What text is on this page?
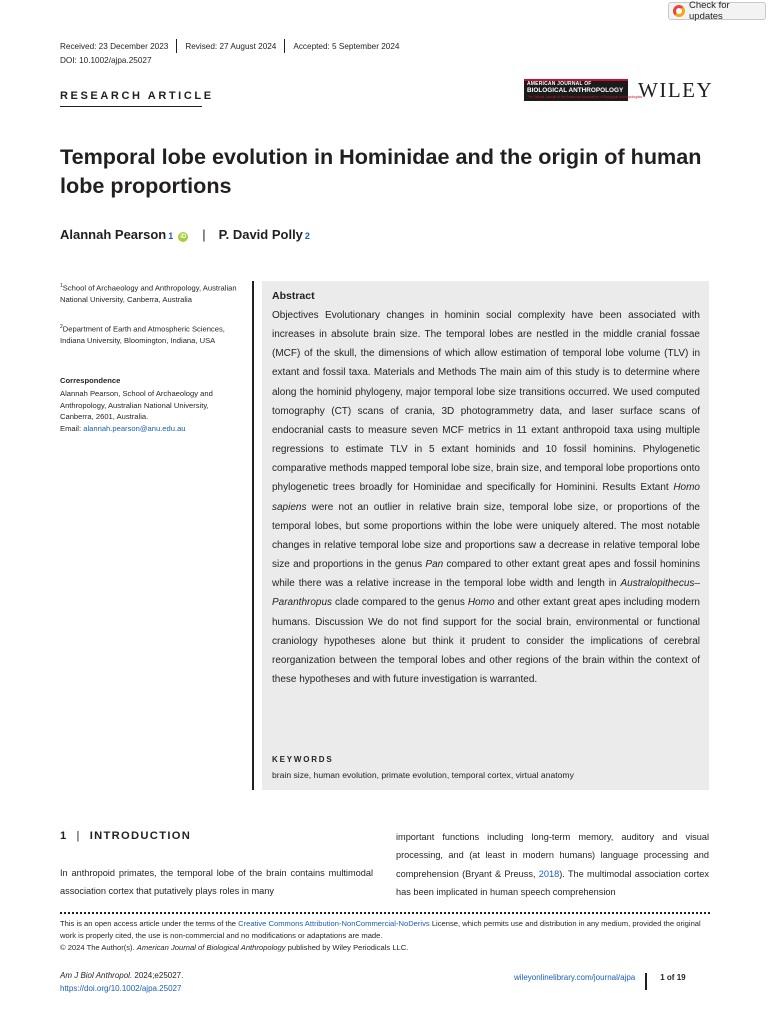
Check for updates
Received: 23 December 2023 Revised: 27 August 2024 Accepted: 5 September 2024
DOI: 10.1002/ajpa.25027
AMERICAN JOURNAL OF
BIOLOGICAL ANTHROPOLOGY
The Official Journal of the American Association of Biological Anthropologists
WILEY
RESEARCH ARTICLE
Temporal lobe evolution in Hominidae and the origin of human lobe proportions
Alannah Pearson 1	iD | P. David Polly 2
$^1$School of Archaeology and Anthropology, Australian National University, Canberra, Australia
$^2$Department of Earth and Atmospheric Sciences, Indiana University, Bloomington, Indiana, USA
Correspondence
Alannah Pearson, School of Archaeology and Anthropology, Australian National University, Canberra, 2601, Australia.
Email: alannah.pearson@anu.edu.au
Abstract
Objectives Evolutionary changes in hominin social complexity have been associated with increases in absolute brain size. The temporal lobes are nestled in the middle cranial fossae (MCF) of the skull, the dimensions of which allow estimation of temporal lobe volume (TLV) in extant and fossil taxa. Materials and Methods The main aim of this study is to determine where along the hominid phylogeny, major temporal lobe size transitions occurred. We used computed tomography (CT) scans of crania, 3D photogrammetry data, and laser surface scans of endocranial casts to measure seven MCF metrics in 11 extant anthropoid taxa using multiple regressions to estimate TLV in 5 extant hominids and 10 fossil hominins. Phylogenetic comparative methods mapped temporal lobe size, brain size, and temporal lobe proportions onto phylogenetic trees broadly for Hominidae and specifically for Hominini. Results Extant Homo sapiens were not an outlier in relative brain size, temporal lobe size, or proportions of the temporal lobes, but some proportions within the lobe were uniquely altered. The most notable changes in relative temporal lobe size and proportions saw a decrease in relative temporal lobe size and proportions in the genus Pan compared to other extant great apes and fossil hominins while there was a relative increase in the temporal lobe width and length in Australopithecus–Paranthropus clade compared to the genus Homo and other extant great apes including modern humans. Discussion We do not find support for the social brain, environmental or functional craniology hypotheses alone but think it prudent to consider the implications of cerebral reorganization between the temporal lobes and other regions of the brain within the context of these hypotheses and with future investigation is warranted.
KEYWORDS
brain size, human evolution, primate evolution, temporal cortex, virtual anatomy
1 | INTRODUCTION
In anthropoid primates, the temporal lobe of the brain contains multimodal association cortex that putatively plays roles in many
important functions including long-term memory, auditory and visual processing, and (at least in modern humans) language processing and comprehension (Bryant & Preuss, 2018). The multimodal association cortex has been implicated in human speech comprehension
This is an open access article under the terms of the Creative Commons Attribution-NonCommercial-NoDerivs License, which permits use and distribution in any medium, provided the original work is properly cited, the use is non-commercial and no modifications or adaptations are made.
© 2024 The Author(s). American Journal of Biological Anthropology published by Wiley Periodicals LLC.
Am J Biol Anthropol. 2024;e25027.
https://doi.org/10.1002/ajpa.25027
wileyonlinelibrary.com/journal/ajpa	1 of 19
